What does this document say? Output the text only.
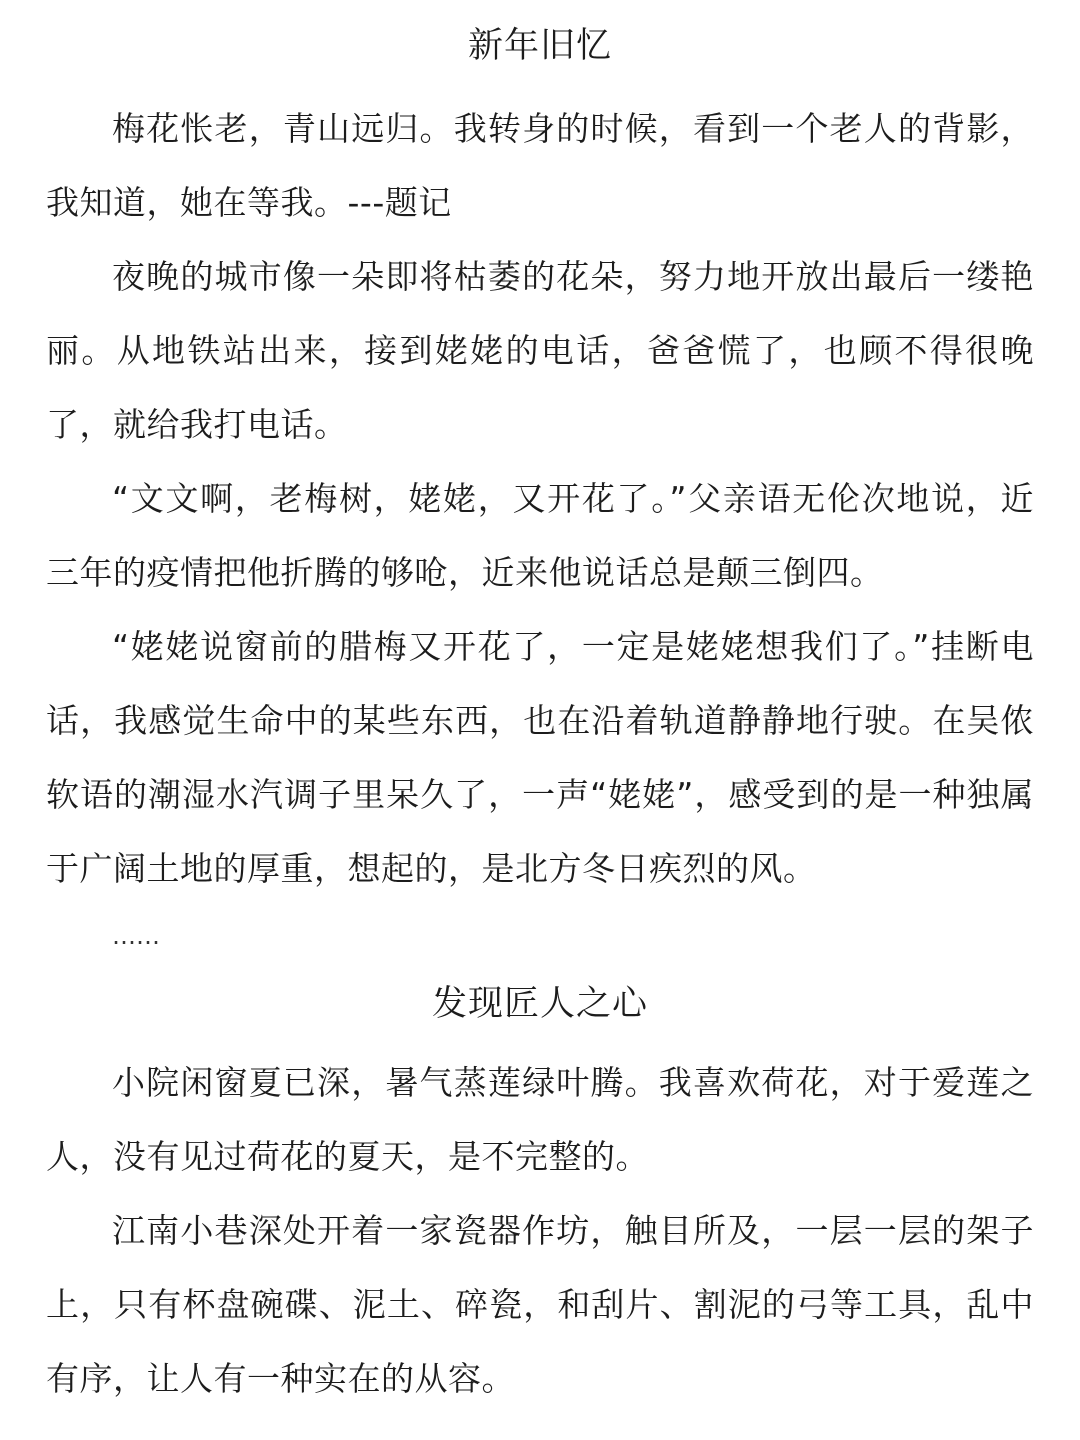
新年旧忆

梅花怅老，青山远归。我转身的时候，看到一个老人的背影，我知道，她在等我。---题记

夜晚的城市像一朵即将枯萎的花朵，努力地开放出最后一缕艳丽。从地铁站出来，接到姥姥的电话，爸爸慌了，也顾不得很晚了，就给我打电话。

“文文啊，老梅树，姥姥，又开花了。”父亲语无伦次地说，近三年的疫情把他折腾的够呛，近来他说话总是颠三倒四。

“姥姥说窗前的腊梅又开花了，一定是姥姥想我们了。”挂断电话，我感觉生命中的某些东西，也在沿着轨道静静地行驶。在吴侬软语的潮湿水汽调子里呆久了，一声“姥姥”，感受到的是一种独属于广阔土地的厚重，想起的，是北方冬日疾烈的风。

……

发现匠人之心

小院闲窗夏已深，暑气蒸莲绿叶腾。我喜欢荷花，对于爱莲之人，没有见过荷花的夏天，是不完整的。

江南小巷深处开着一家瓷器作坊，触目所及，一层一层的架子上，只有杯盘碗碟、泥土、碎瓷，和刮片、割泥的弓等工具，乱中有序，让人有一种实在的从容。
